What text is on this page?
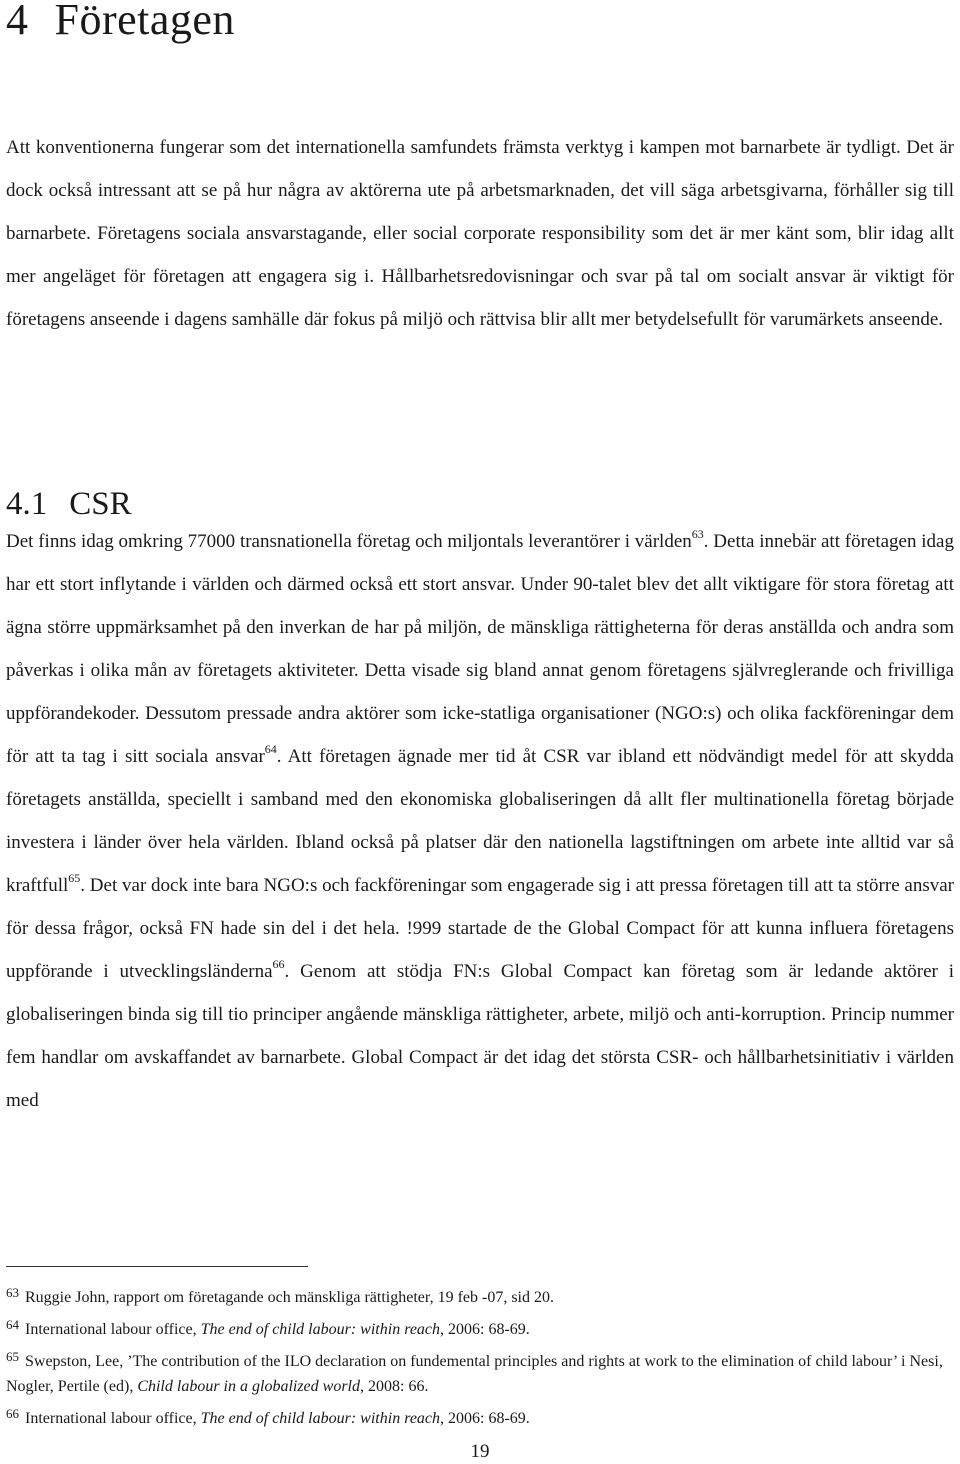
4 Företagen

Att konventionerna fungerar som det internationella samfundets främsta verktyg i kampen mot barnarbete är tydligt. Det är dock också intressant att se på hur några av aktörerna ute på arbetsmarknaden, det vill säga arbetsgivarna, förhåller sig till barnarbete. Företagens sociala ansvarstagande, eller social corporate responsibility som det är mer känt som, blir idag allt mer angeläget för företagen att engagera sig i. Hållbarhetsredovisningar och svar på tal om socialt ansvar är viktigt för företagens anseende i dagens samhälle där fokus på miljö och rättvisa blir allt mer betydelsefullt för varumärkets anseende.

4.1 CSR

Det finns idag omkring 77000 transnationella företag och miljontals leverantörer i världen$^{63}$. Detta innebär att företagen idag har ett stort inflytande i världen och därmed också ett stort ansvar. Under 90-talet blev det allt viktigare för stora företag att ägna större uppmärksamhet på den inverkan de har på miljön, de mänskliga rättigheterna för deras anställda och andra som påverkas i olika mån av företagets aktiviteter. Detta visade sig bland annat genom företagens självreglerande och frivilliga uppförandekoder. Dessutom pressade andra aktörer som icke-statliga organisationer (NGO:s) och olika fackföreningar dem för att ta tag i sitt sociala ansvar$^{64}$. Att företagen ägnade mer tid åt CSR var ibland ett nödvändigt medel för att skydda företagets anställda, speciellt i samband med den ekonomiska globaliseringen då allt fler multinationella företag började investera i länder över hela världen. Ibland också på platser där den nationella lagstiftningen om arbete inte alltid var så kraftfull$^{65}$. Det var dock inte bara NGO:s och fackföreningar som engagerade sig i att pressa företagen till att ta större ansvar för dessa frågor, också FN hade sin del i det hela. !999 startade de the Global Compact för att kunna influera företagens uppförande i utvecklingsländerna$^{66}$. Genom att stödja FN:s Global Compact kan företag som är ledande aktörer i globaliseringen binda sig till tio principer angående mänskliga rättigheter, arbete, miljö och anti-korruption. Princip nummer fem handlar om avskaffandet av barnarbete. Global Compact är det idag det största CSR- och hållbarhetsinitiativ i världen med

$^{63}$ Ruggie John, rapport om företagande och mänskliga rättigheter, 19 feb -07, sid 20.

$^{64}$ International labour office, The end of child labour: within reach, 2006: 68-69.

$^{65}$ Swepston, Lee, ’The contribution of the ILO declaration on fundemental principles and rights at work to the elimination of child labour’ i Nesi, Nogler, Pertile (ed), Child labour in a globalized world, 2008: 66.

$^{66}$ International labour office, The end of child labour: within reach, 2006: 68-69.

19
